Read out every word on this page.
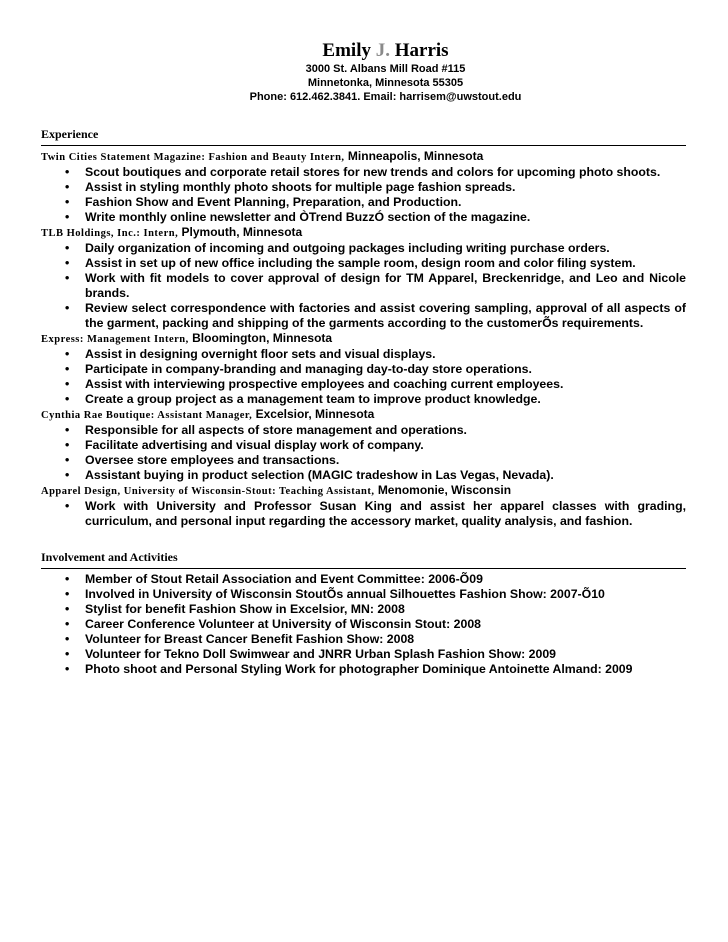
Emily J. Harris
3000 St. Albans Mill Road #115
Minnetonka, Minnesota 55305
Phone: 612.462.3841. Email: harrisem@uwstout.edu
Experience

Twin Cities Statement Magazine: Fashion and Beauty Intern, Minneapolis, Minnesota

• Scout boutiques and corporate retail stores for new trends and colors for upcoming photo shoots.
• Assist in styling monthly photo shoots for multiple page fashion spreads.
• Fashion Show and Event Planning, Preparation, and Production.
• Write monthly online newsletter and ÒTrend BuzzÓ section of the magazine.

TLB Holdings, Inc.: Intern, Plymouth, Minnesota

• Daily organization of incoming and outgoing packages including writing purchase orders.
• Assist in set up of new office including the sample room, design room and color filing system.
• Work with fit models to cover approval of design for TM Apparel, Breckenridge, and Leo and Nicole brands.
• Review select correspondence with factories and assist covering sampling, approval of all aspects of the garment, packing and shipping of the garments according to the customerÕs requirements.

Express: Management Intern, Bloomington, Minnesota

• Assist in designing overnight floor sets and visual displays.
• Participate in company-branding and managing day-to-day store operations.
• Assist with interviewing prospective employees and coaching current employees.
• Create a group project as a management team to improve product knowledge.

Cynthia Rae Boutique: Assistant Manager, Excelsior, Minnesota

• Responsible for all aspects of store management and operations.
• Facilitate advertising and visual display work of company.
• Oversee store employees and transactions.
• Assistant buying in product selection (MAGIC tradeshow in Las Vegas, Nevada).

Apparel Design, University of Wisconsin-Stout: Teaching Assistant, Menomonie, Wisconsin

• Work with University and Professor Susan King and assist her apparel classes with grading, curriculum, and personal input regarding the accessory market, quality analysis, and fashion.
Involvement and Activities
• Member of Stout Retail Association and Event Committee: 2006-Õ09
• Involved in University of Wisconsin StoutÕs annual Silhouettes Fashion Show: 2007-Õ10
• Stylist for benefit Fashion Show in Excelsior, MN: 2008
• Career Conference Volunteer at University of Wisconsin Stout: 2008
• Volunteer for Breast Cancer Benefit Fashion Show: 2008
• Volunteer for Tekno Doll Swimwear and JNRR Urban Splash Fashion Show: 2009
• Photo shoot and Personal Styling Work for photographer Dominique Antoinette Almand: 2009
